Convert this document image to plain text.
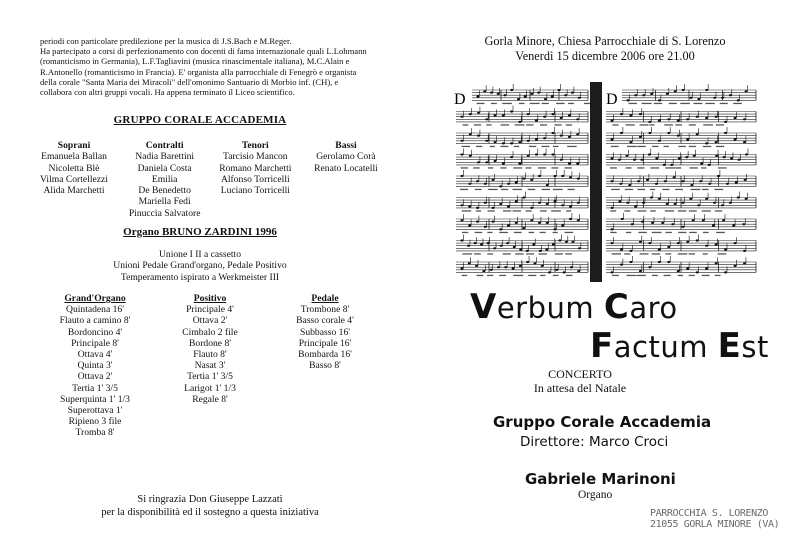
periodi con particolare predilezione per la musica di J.S.Bach e M.Reger.
Ha partecipato a corsi di perfezionamento con docenti di fama internazionale quali L.Lohmann
(romanticismo in Germania), L.F.Tagliavini (musica rinascimentale italiana), M.C.Alain e
R.Antonello (romanticismo in Francia). E' organista alla parrocchiale di Fenegrò e organista
della corale "Santa Maria dei Miracoli" dell'omonimo Santuario di Morbio inf. (CH), e
collabora con altri gruppi vocali. Ha appena terminato il Liceo scientifico.
GRUPPO CORALE ACCADEMIA
Soprani
Emanuela Ballan
Nicoletta Blè
Vilma Cortellezzi
Alida Marchetti
Contralti
Nadia Barettini
Daniela Costa
Emilia
De Benedetto
Mariella Fedi
Pinuccia Salvatore
Tenori
Tarcisio Mancon
Romano Marchetti
Alfonso Torricelli
Luciano Torricelli
Bassi
Gerolamo Corà
Renato Locatelli
Organo BRUNO ZARDINI 1996
Unione I II a cassetto
Unioni Pedale Grand'organo, Pedale Positivo
Temperamento ispirato a Werkmeister III
Grand'Organo
Quintadena 16'
Flauto a camino 8'
Bordoncino 4'
Principale 8'
Ottava 4'
Quinta 3'
Ottava 2'
Tertia 1' 3/5
Superquinta 1' 1/3
Superottava 1'
Ripieno 3 file
Tromba 8'
Positivo
Principale 4'
Ottava 2'
Cimbalo 2 file
Bordone 8'
Flauto 8'
Nasat 3'
Tertia 1' 3/5
Larigot 1' 1/3
Regale 8'
Pedale
Trombone 8'
Basso corale 4'
Subbasso 16'
Principale 16'
Bombarda 16'
Basso 8'
Si ringrazia Don Giuseppe Lazzati
per la disponibilità ed il sostegno a questa iniziativa
Gorla Minore, Chiesa Parrocchiale di S. Lorenzo
Venerdì 15 dicembre 2006 ore 21.00
D	D
Verbum Caro
Factum Est
CONCERTO
In attesa del Natale
Gruppo Corale Accademia
Direttore: Marco Croci
Gabriele Marinoni
Organo
PARROCCHIA S. LORENZO
21055 GORLA MINORE (VA)
